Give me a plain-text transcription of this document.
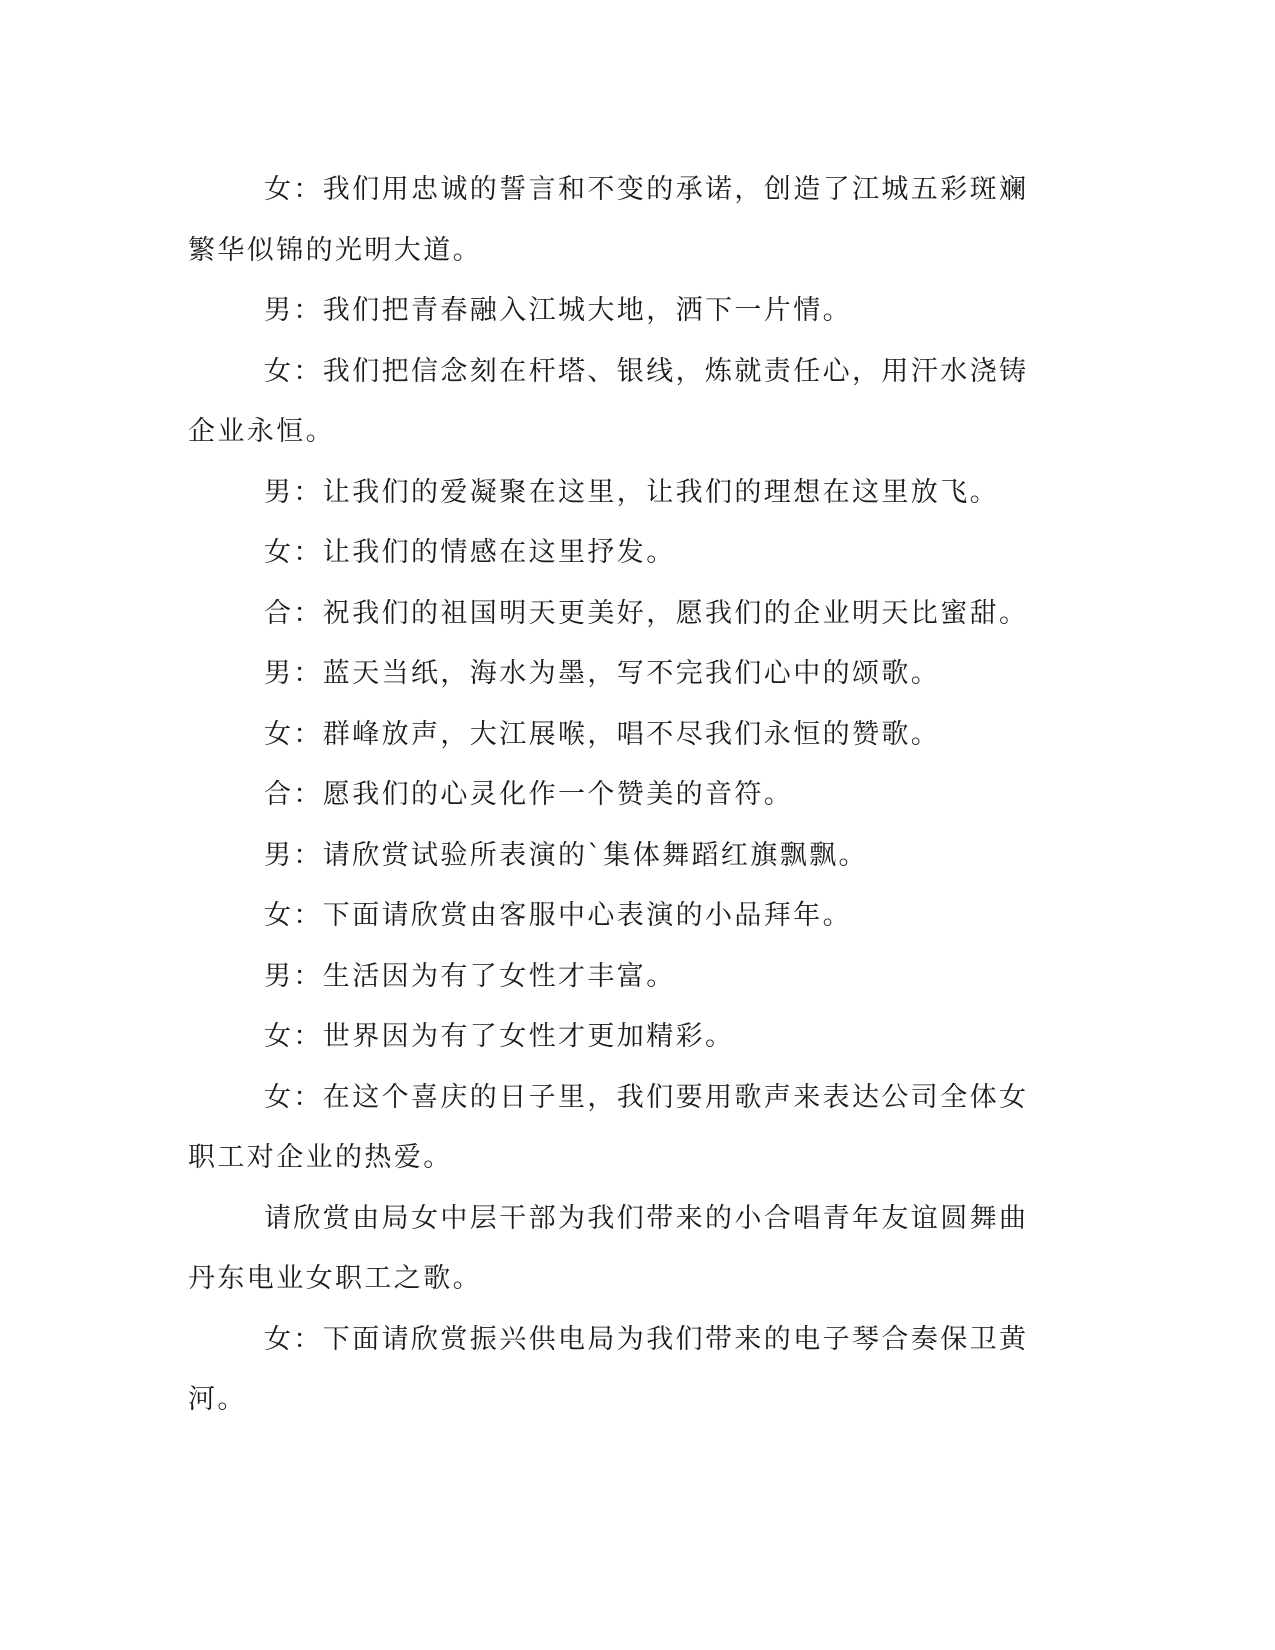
女：我们用忠诚的誓言和不变的承诺，创造了江城五彩斑斓繁华似锦的光明大道。

男：我们把青春融入江城大地，洒下一片情。

女：我们把信念刻在杆塔、银线，炼就责任心，用汗水浇铸企业永恒。

男：让我们的爱凝聚在这里，让我们的理想在这里放飞。

女：让我们的情感在这里抒发。

合：祝我们的祖国明天更美好，愿我们的企业明天比蜜甜。

男：蓝天当纸，海水为墨，写不完我们心中的颂歌。

女：群峰放声，大江展喉，唱不尽我们永恒的赞歌。

合：愿我们的心灵化作一个赞美的音符。

男：请欣赏试验所表演的`集体舞蹈红旗飘飘。

女：下面请欣赏由客服中心表演的小品拜年。

男：生活因为有了女性才丰富。

女：世界因为有了女性才更加精彩。

女：在这个喜庆的日子里，我们要用歌声来表达公司全体女职工对企业的热爱。

请欣赏由局女中层干部为我们带来的小合唱青年友谊圆舞曲丹东电业女职工之歌。

女：下面请欣赏振兴供电局为我们带来的电子琴合奏保卫黄河。
